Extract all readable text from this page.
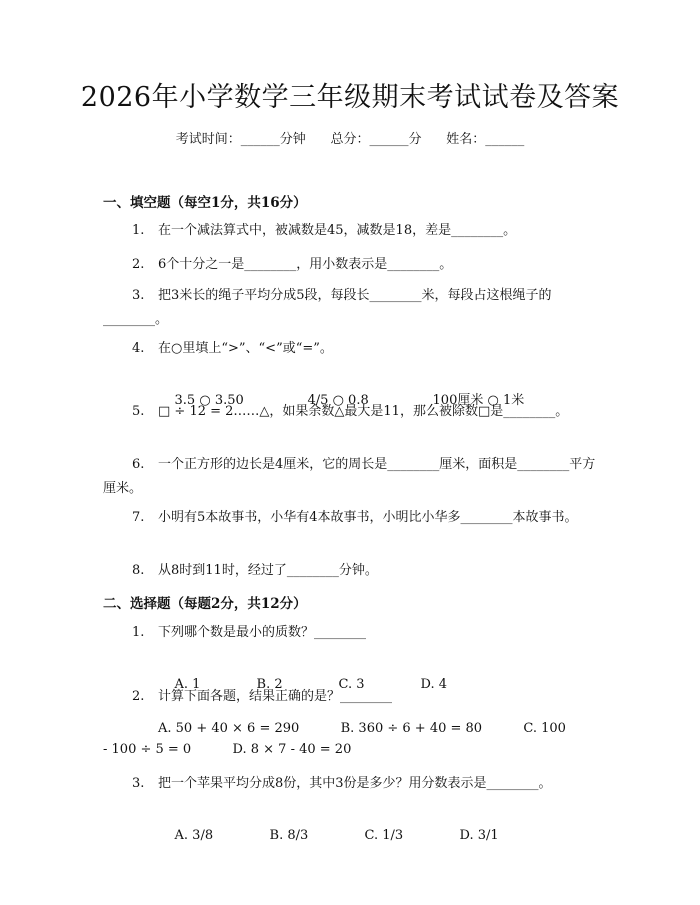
2026年小学数学三年级期末考试试卷及答案
考试时间：______分钟      总分：______分      姓名：______
一、填空题（每空1分，共16分）
1. 在一个减法算式中，被减数是45，减数是18，差是________。
2. 6个十分之一是________，用小数表示是________。
3. 把3米长的绳子平均分成5段，每段长________米，每段占这根绳子的________。
4. 在○里填上“>”、“<”或“=”。

3.5 ○ 3.50	4/5 ○ 0.8	100厘米 ○ 1米

5. □ ÷ 12 = 2……△，如果余数△最大是11，那么被除数□是________。
6. 一个正方形的边长是4厘米，它的周长是________厘米，面积是________平方厘米。
7. 小明有5本故事书，小华有4本故事书，小明比小华多________本故事书。
8. 从8时到11时，经过了________分钟。
二、选择题（每题2分，共12分）
1. 下列哪个数是最小的质数？________

A. 1	B. 2	C. 3	D. 4

2. 计算下面各题，结果正确的是？________
A. 50 + 40 × 6 = 290          B. 360 ÷ 6 + 40 = 80          C. 100
- 100 ÷ 5 = 0          D. 8 × 7 - 40 = 20
3. 把一个苹果平均分成8份，其中3份是多少？用分数表示是________。

A. 3/8	B. 8/3	C. 1/3	D. 3/1
